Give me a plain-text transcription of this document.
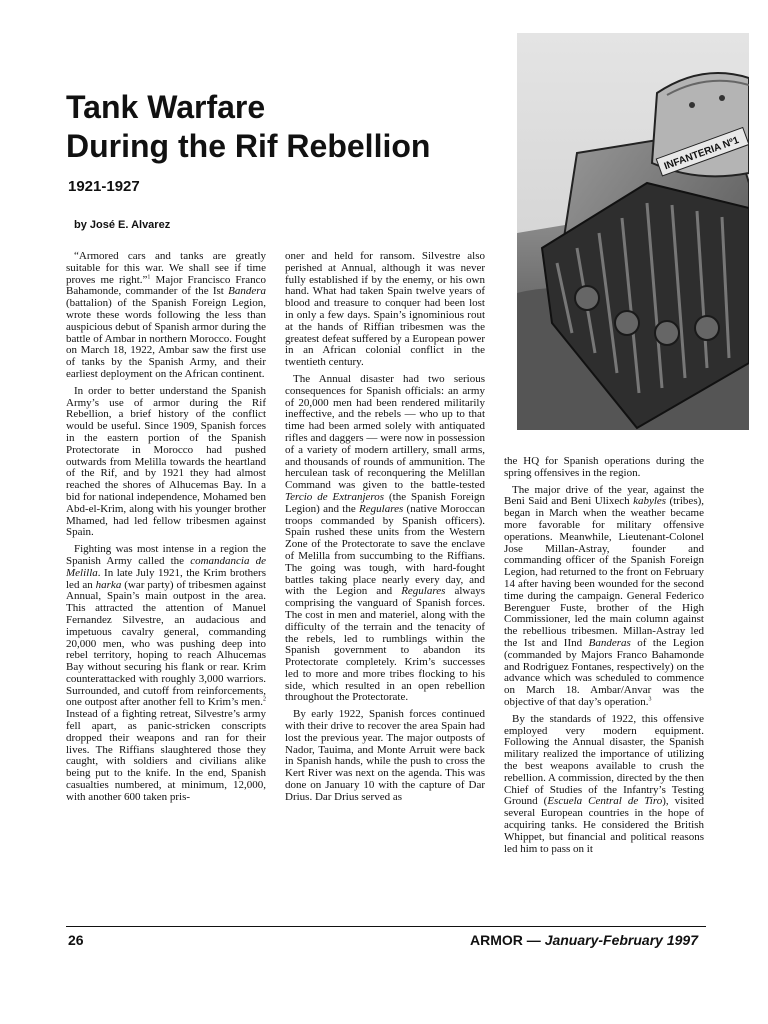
Tank Warfare
During the Rif Rebellion
1921-1927
by José E. Alvarez
INFANTERIA Nº1

“Armored cars and tanks are greatly suitable for this war. We shall see if time proves me right.”$^1$ Major Francisco Franco Bahamonde, commander of the Ist Bandera (battalion) of the Spanish Foreign Legion, wrote these words following the less than auspicious debut of Spanish armor during the battle of Ambar in northern Morocco. Fought on March 18, 1922, Ambar saw the first use of tanks by the Spanish Army, and their earliest deployment on the African continent.

In order to better understand the Spanish Army’s use of armor during the Rif Rebellion, a brief history of the conflict would be useful. Since 1909, Spanish forces in the eastern portion of the Spanish Protectorate in Morocco had pushed outwards from Melilla towards the heartland of the Rif, and by 1921 they had almost reached the shores of Alhucemas Bay. In a bid for national independence, Mohamed ben Abd-el-Krim, along with his younger brother Mhamed, had led fellow tribesmen against Spain.

Fighting was most intense in a region the Spanish Army called the comandancia de Melilla. In late July 1921, the Krim brothers led an harka (war party) of tribesmen against Annual, Spain’s main outpost in the area. This attracted the attention of Manuel Fernandez Silvestre, an audacious and impetuous cavalry general, commanding 20,000 men, who was pushing deep into rebel territory, hoping to reach Alhucemas Bay without securing his flank or rear. Krim counterattacked with roughly 3,000 warriors. Surrounded, and cutoff from reinforcements, one outpost after another fell to Krim’s men.$^2$ Instead of a fighting retreat, Silvestre’s army fell apart, as panic-stricken conscripts dropped their weapons and ran for their lives. The Riffians slaughtered those they caught, with soldiers and civilians alike being put to the knife. In the end, Spanish casualties numbered, at minimum, 12,000, with another 600 taken pris-

oner and held for ransom. Silvestre also perished at Annual, although it was never fully established if by the enemy, or his own hand. What had taken Spain twelve years of blood and treasure to conquer had been lost in only a few days. Spain’s ignominious rout at the hands of Riffian tribesmen was the greatest defeat suffered by a European power in an African colonial conflict in the twentieth century.

The Annual disaster had two serious consequences for Spanish officials: an army of 20,000 men had been rendered militarily ineffective, and the rebels — who up to that time had been armed solely with antiquated rifles and daggers — were now in possession of a variety of modern artillery, small arms, and thousands of rounds of ammunition. The herculean task of reconquering the Melillan Command was given to the battle-tested Tercio de Extranjeros (the Spanish Foreign Legion) and the Regulares (native Moroccan troops commanded by Spanish officers). Spain rushed these units from the Western Zone of the Protectorate to save the enclave of Melilla from succumbing to the Riffians. The going was tough, with hard-fought battles taking place nearly every day, and with the Legion and Regulares always comprising the vanguard of Spanish forces. The cost in men and materiel, along with the difficulty of the terrain and the tenacity of the rebels, led to rumblings within the Spanish government to abandon its Protectorate completely. Krim’s successes led to more and more tribes flocking to his side, which resulted in an open rebellion throughout the Protectorate.

By early 1922, Spanish forces continued with their drive to recover the area Spain had lost the previous year. The major outposts of Nador, Tauima, and Monte Arruit were back in Spanish hands, while the push to cross the Kert River was next on the agenda. This was done on January 10 with the capture of Dar Drius. Dar Drius served as

the HQ for Spanish operations during the spring offensives in the region.

The major drive of the year, against the Beni Said and Beni Ulixech kabyles (tribes), began in March when the weather became more favorable for military offensive operations. Meanwhile, Lieutenant-Colonel Jose Millan-Astray, founder and commanding officer of the Spanish Foreign Legion, had returned to the front on February 14 after having been wounded for the second time during the campaign. General Federico Berenguer Fuste, brother of the High Commissioner, led the main column against the rebellious tribesmen. Millan-Astray led the Ist and IInd Banderas of the Legion (commanded by Majors Franco Bahamonde and Rodriguez Fontanes, respectively) on the advance which was scheduled to commence on March 18. Ambar/Anvar was the objective of that day’s operation.$^3$

By the standards of 1922, this offensive employed very modern equipment. Following the Annual disaster, the Spanish military realized the importance of utilizing the best weapons available to crush the rebellion. A commission, directed by the then Chief of Studies of the Infantry’s Testing Ground (Escuela Central de Tiro), visited several European countries in the hope of acquiring tanks. He considered the British Whippet, but financial and political reasons led him to pass on it

26	ARMOR — January-February 1997
